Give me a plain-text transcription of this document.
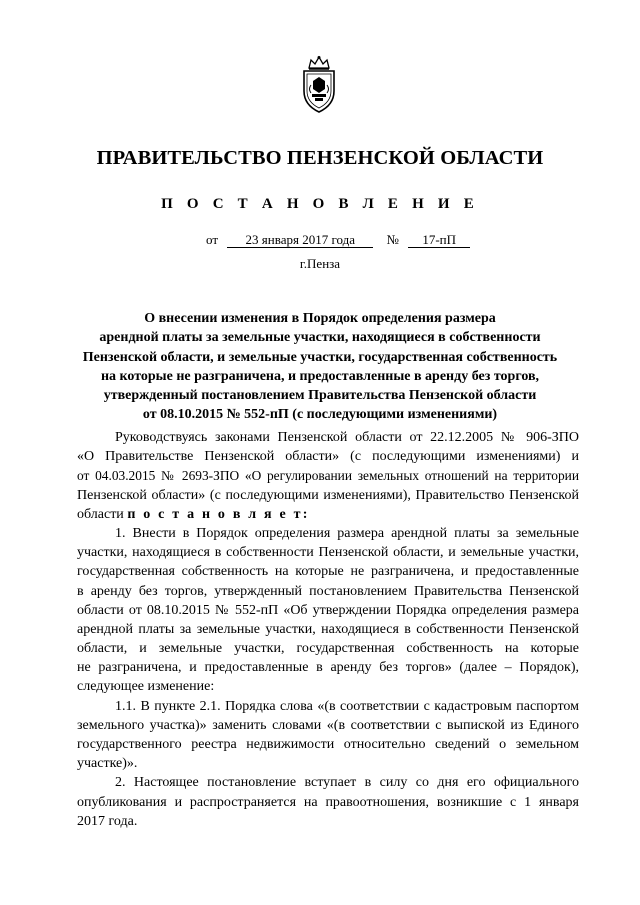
ПРАВИТЕЛЬСТВО ПЕНЗЕНСКОЙ ОБЛАСТИ
П О С Т А Н О В Л Е Н И Е
от 23 января 2017 года № 17-пП
г.Пенза
О внесении изменения в Порядок определения размера
арендной платы за земельные участки, находящиеся в собственности
Пензенской области, и земельные участки, государственная собственность
на которые не разграничена, и предоставленные в аренду без торгов,
утвержденный постановлением Правительства Пензенской области
от 08.10.2015 № 552-пП (с последующими изменениями)
Руководствуясь законами Пензенской области от 22.12.2005 № 906-ЗПО
«О Правительстве Пензенской области» (с последующими изменениями) и
от 04.03.2015 № 2693-ЗПО «О регулировании земельных отношений на территории
Пензенской области» (с последующими изменениями), Правительство Пензенской
области п о с т а н о в л я е т:
1. Внести в Порядок определения размера арендной платы за земельные
участки, находящиеся в собственности Пензенской области, и земельные участки,
государственная собственность на которые не разграничена, и предоставленные
в аренду без торгов, утвержденный постановлением Правительства Пензенской
области от 08.10.2015 № 552-пП «Об утверждении Порядка определения размера
арендной платы за земельные участки, находящиеся в собственности Пензенской
области, и земельные участки, государственная собственность на которые
не разграничена, и предоставленные в аренду без торгов» (далее – Порядок),
следующее изменение:
1.1. В пункте 2.1. Порядка слова «(в соответствии с кадастровым паспортом
земельного участка)» заменить словами «(в соответствии с выпиской из Единого
государственного реестра недвижимости относительно сведений о земельном
участке)».
2. Настоящее постановление вступает в силу со дня его официального
опубликования и распространяется на правоотношения, возникшие с 1 января
2017 года.
